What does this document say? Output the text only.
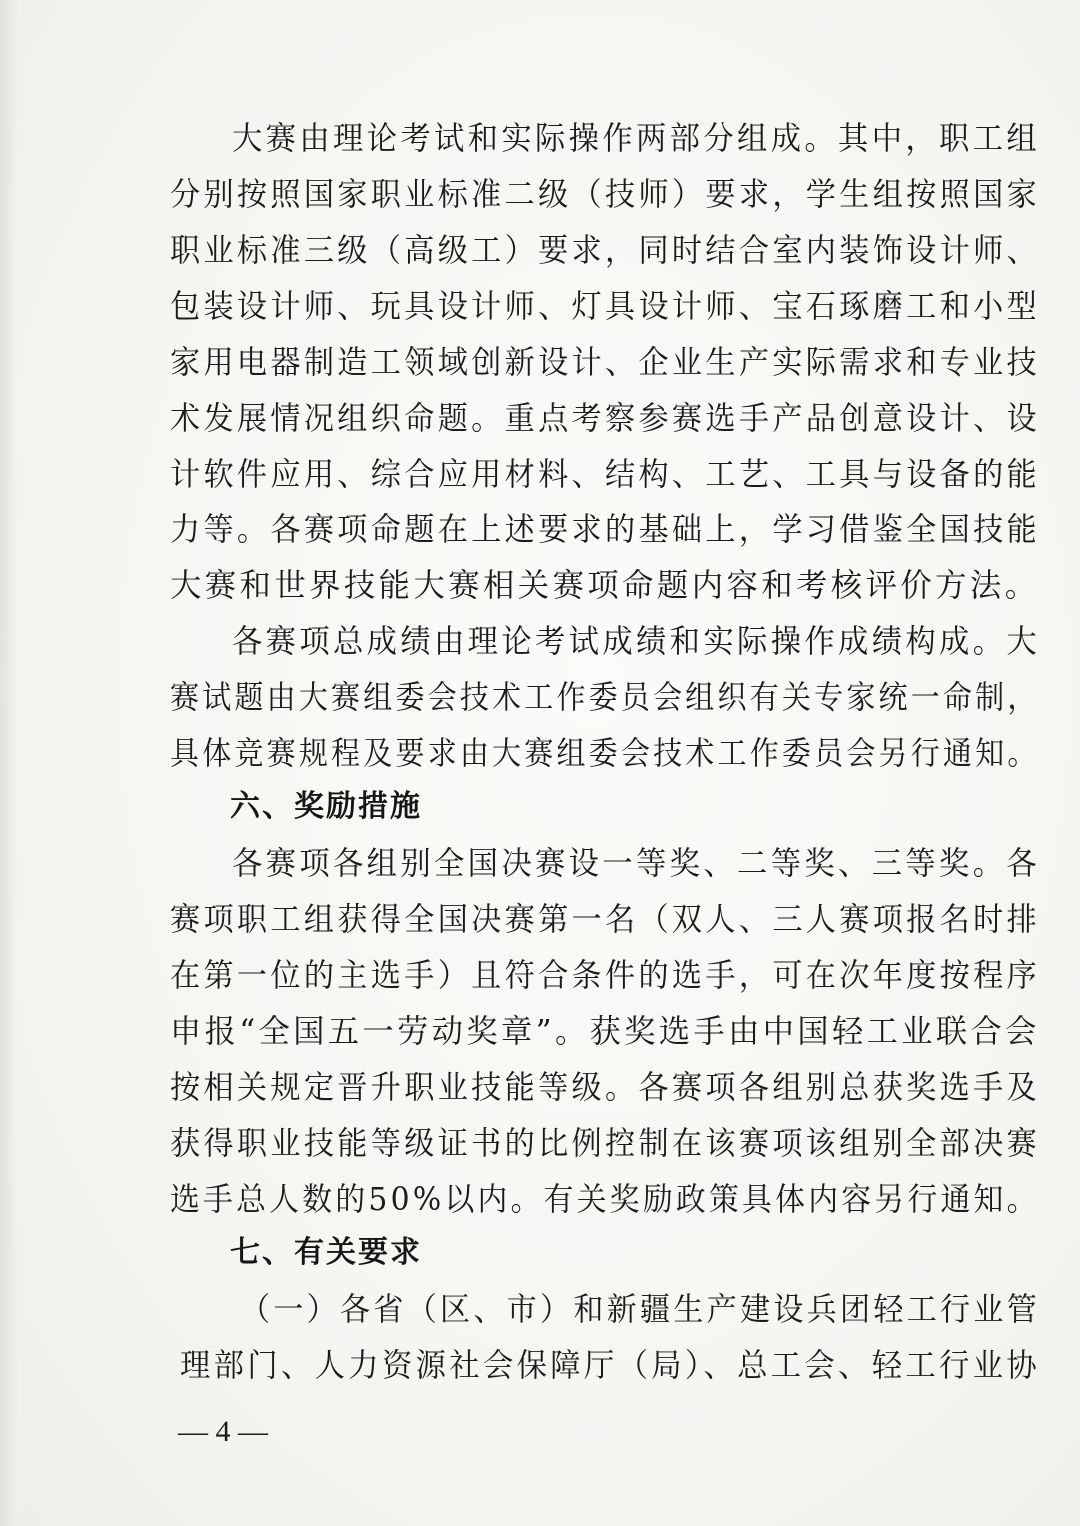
大赛由理论考试和实际操作两部分组成。其中，职工组
分别按照国家职业标准二级（技师）要求，学生组按照国家
职业标准三级（高级工）要求，同时结合室内装饰设计师、
包装设计师、玩具设计师、灯具设计师、宝石琢磨工和小型
家用电器制造工领域创新设计、企业生产实际需求和专业技
术发展情况组织命题。重点考察参赛选手产品创意设计、设
计软件应用、综合应用材料、结构、工艺、工具与设备的能
力等。各赛项命题在上述要求的基础上，学习借鉴全国技能
大赛和世界技能大赛相关赛项命题内容和考核评价方法。
各赛项总成绩由理论考试成绩和实际操作成绩构成。大
赛试题由大赛组委会技术工作委员会组织有关专家统一命制，
具体竞赛规程及要求由大赛组委会技术工作委员会另行通知。
六、奖励措施
各赛项各组别全国决赛设一等奖、二等奖、三等奖。各
赛项职工组获得全国决赛第一名（双人、三人赛项报名时排
在第一位的主选手）且符合条件的选手，可在次年度按程序
申报“全国五一劳动奖章”。获奖选手由中国轻工业联合会
按相关规定晋升职业技能等级。各赛项各组别总获奖选手及
获得职业技能等级证书的比例控制在该赛项该组别全部决赛
选手总人数的50%以内。有关奖励政策具体内容另行通知。
七、有关要求
（一）各省（区、市）和新疆生产建设兵团轻工行业管
理部门、人力资源社会保障厅（局）、总工会、轻工行业协
— 4 —
